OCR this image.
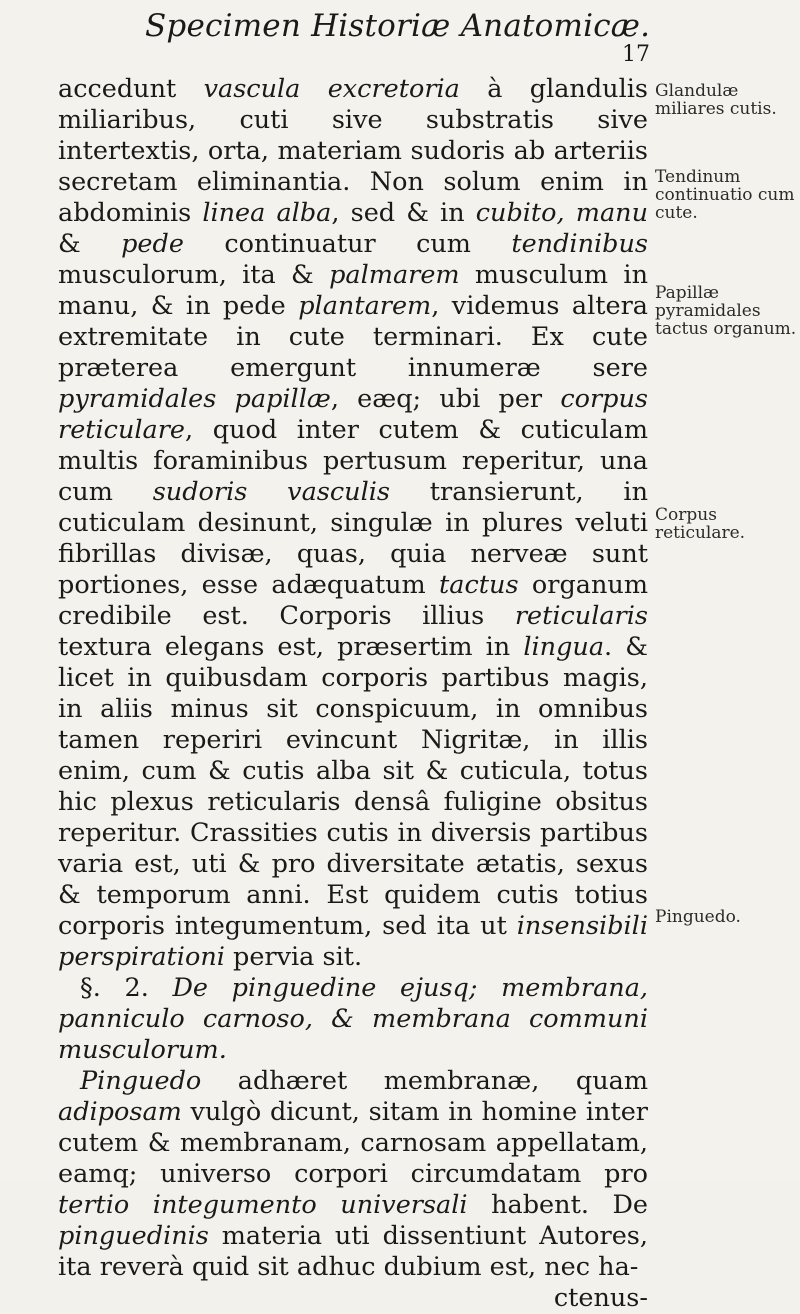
Specimen Historiæ Anatomicæ.
17

accedunt vascula excretoria à glandulis miliaribus, cuti sive substratis sive intertextis, orta, materiam sudoris ab arteriis secretam eliminantia. Non solum enim in abdominis linea alba, sed & in cubito, manu & pede continuatur cum tendinibus musculorum, ita & palmarem musculum in manu, & in pede plantarem, videmus altera extremitate in cute terminari. Ex cute præterea emergunt innumeræ sere pyramidales papillæ, eæq; ubi per corpus reticulare, quod inter cutem & cuticulam multis foraminibus pertusum reperitur, una cum sudoris vasculis transierunt, in cuticulam desinunt, singulæ in plures veluti fibrillas divisæ, quas, quia nerveæ sunt portiones, esse adæquatum tactus organum credibile est. Corporis illius reticularis textura elegans est, præsertim in lingua. & licet in quibusdam corporis partibus magis, in aliis minus sit conspicuum, in omnibus tamen reperiri evincunt Nigritæ, in illis enim, cum & cutis alba sit & cuticula, totus hic plexus reticularis densâ fuligine obsitus reperitur. Crassities cutis in diversis partibus varia est, uti & pro diversitate ætatis, sexus & temporum anni. Est quidem cutis totius corporis integumentum, sed ita ut insensibili perspirationi pervia sit.

§. 2. De pinguedine ejusq; membrana, panniculo carnoso, & membrana communi musculorum.

Pinguedo adhæret membranæ, quam adiposam vulgò dicunt, sitam in homine inter cutem & membranam, carnosam appellatam, eamq; universo corpori circumdatam pro tertio integumento universali habent. De pinguedinis materia uti dissentiunt Autores, ita reverà quid sit adhuc dubium est, nec ha-

ctenus-

Glandulæ miliares cutis.
Tendinum continuatio cum cute.
Papillæ pyramidales tactus organum.
Corpus reticulare.
Pinguedo.
